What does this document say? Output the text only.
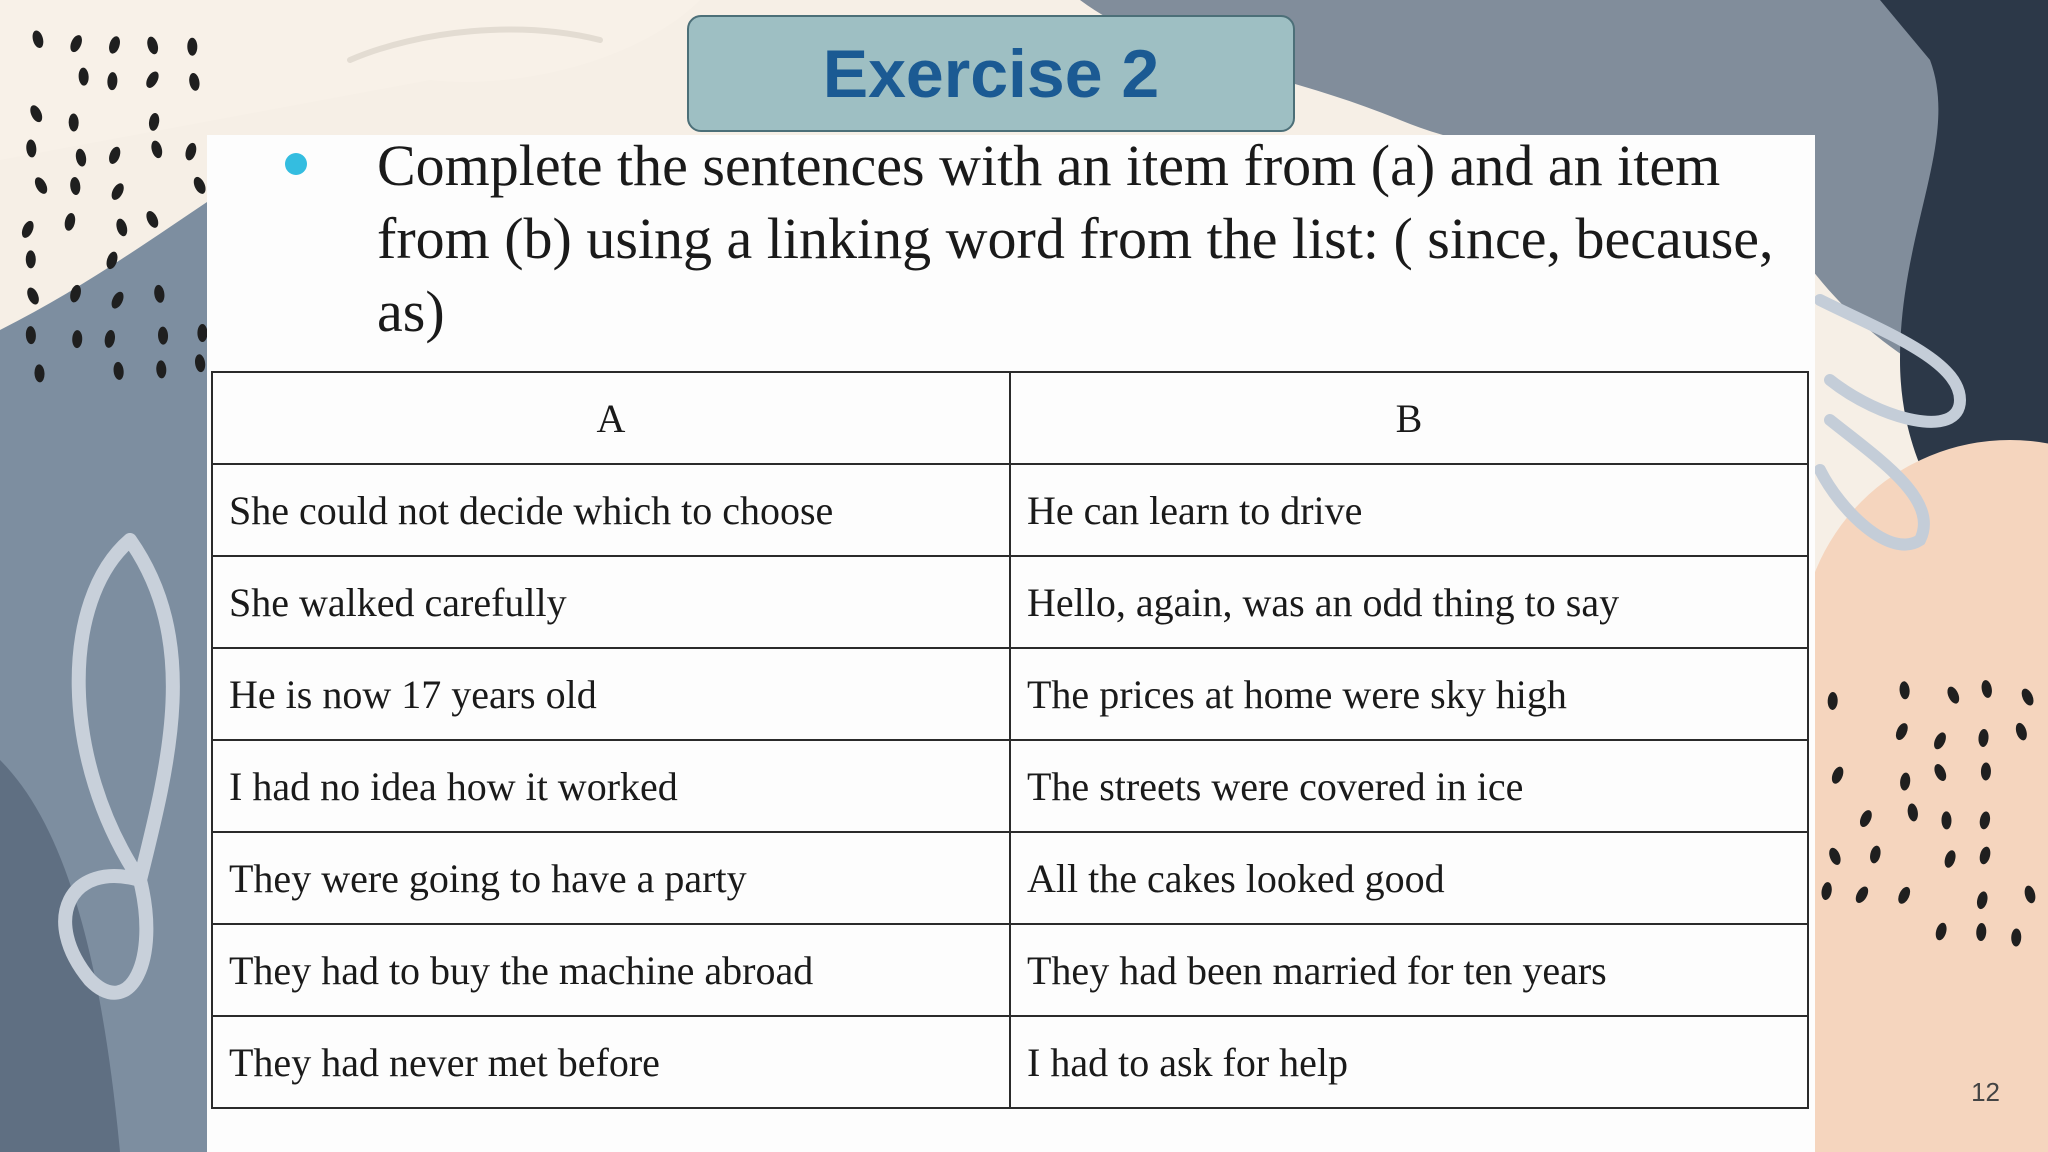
Exercise 2
Complete the sentences with an item from (a) and an item from (b) using a linking word from the list: ( since, because, as)
A	B
She could not decide which to choose	He can learn to drive
She walked carefully	Hello, again, was an odd thing to say
He is now 17 years old	The prices at home were sky high
I had no idea how it worked	The streets were covered in ice
They were going to have a party	All the cakes looked good
They had to buy the machine abroad	They had been married for ten years
They had never met before	I had to ask for help
12
